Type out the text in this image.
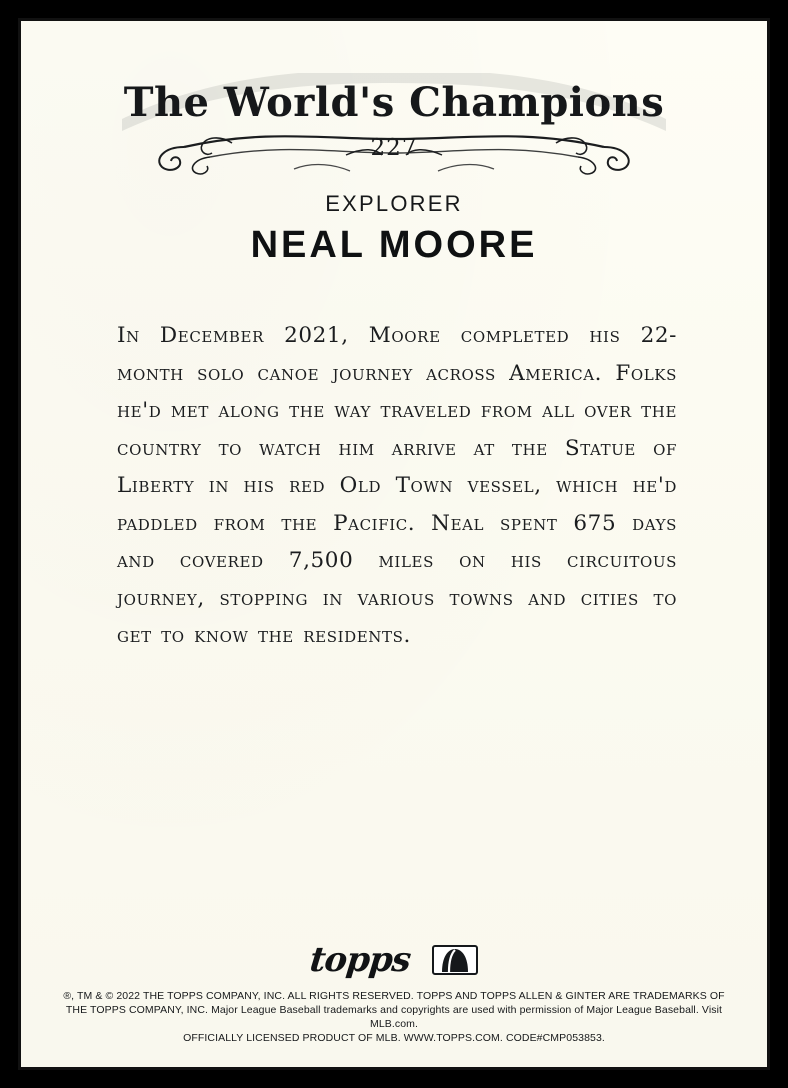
The World's Champions
227
EXPLORER
NEAL MOORE
In December 2021, Moore completed his 22-month solo canoe journey across America. Folks he'd met along the way traveled from all over the country to watch him arrive at the Statue of Liberty in his red Old Town vessel, which he'd paddled from the Pacific. Neal spent 675 days and covered 7,500 miles on his circuitous journey, stopping in various towns and cities to get to know the residents.
topps
®, TM & © 2022 THE TOPPS COMPANY, INC. ALL RIGHTS RESERVED. TOPPS AND TOPPS ALLEN & GINTER ARE TRADEMARKS OF
THE TOPPS COMPANY, INC. Major League Baseball trademarks and copyrights are used with permission of Major League Baseball. Visit MLB.com.
OFFICIALLY LICENSED PRODUCT OF MLB. WWW.TOPPS.COM. CODE#CMP053853.
